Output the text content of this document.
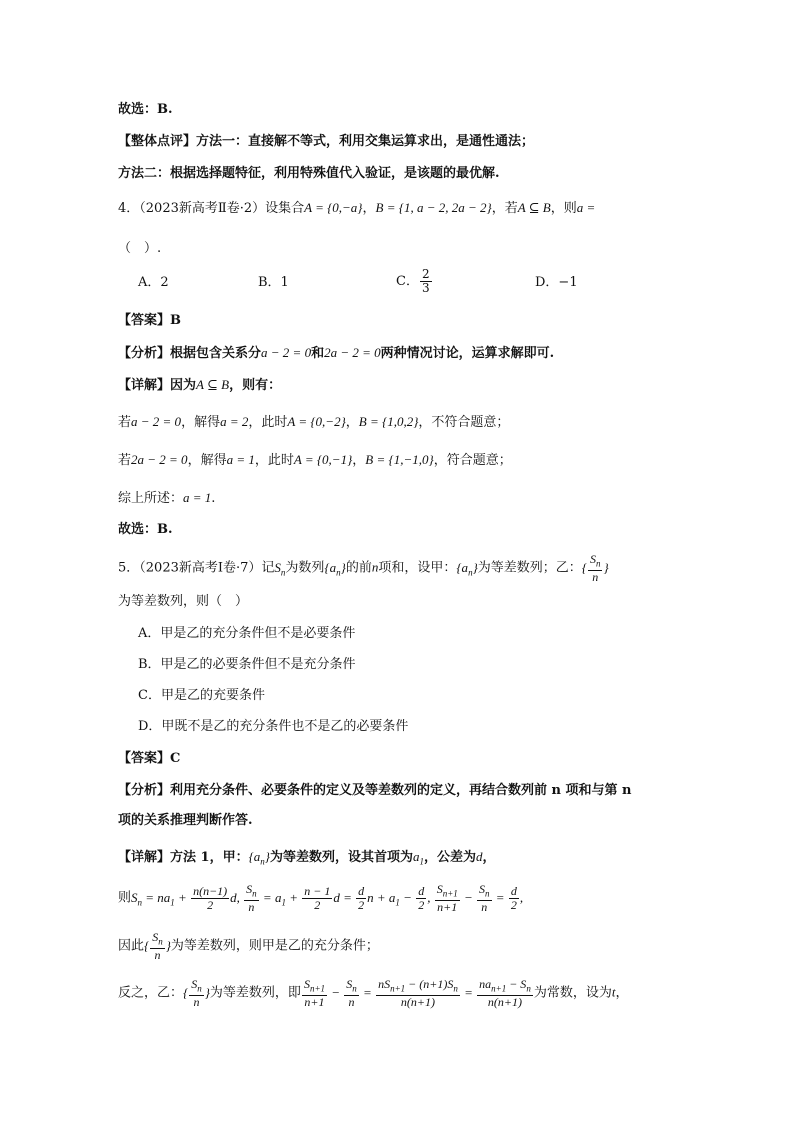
故选：B.
【整体点评】方法一：直接解不等式，利用交集运算求出，是通性通法；
方法二：根据选择题特征，利用特殊值代入验证，是该题的最优解.
4．（2023新高考Ⅱ卷·2）设集合A = {0,−a}，B = {1, a − 2, 2a − 2}，若A ⊆ B，则a =
（　）.
A．2	B．1	C． $\frac{2}{3}$	D．−1
【答案】B
【分析】根据包含关系分a − 2 = 0和2a − 2 = 0两种情况讨论，运算求解即可.
【详解】因为A ⊆ B，则有：
若a − 2 = 0，解得a = 2，此时A = {0,−2}，B = {1,0,2}，不符合题意；
若2a − 2 = 0，解得a = 1，此时A = {0,−1}，B = {1,−1,0}，符合题意；
综上所述：a = 1.
故选：B.
5．（2023新高考Ⅰ卷·7）记$S_n$为数列$\{a_n\}$的前n项和，设甲：$\{a_n\}$为等差数列；乙：{ $\frac{S_n}{n}$ }
为等差数列，则（　）
A．甲是乙的充分条件但不是必要条件
B．甲是乙的必要条件但不是充分条件
C．甲是乙的充要条件
D．甲既不是乙的充分条件也不是乙的必要条件
【答案】C
【分析】利用充分条件、必要条件的定义及等差数列的定义，再结合数列前 n 项和与第 n
项的关系推理判断作答.
【详解】方法 1，甲：$\{a_n\}$为等差数列，设其首项为$a_1$，公差为d，
则$S_n = na_1 + \frac{n(n-1)}{2} d$, $\frac{S_n}{n} = a_1 + \frac{n - 1}{2}$ $d = \frac{d}{2}$ $n + a_1 - \frac{d}{2}$ , $\frac{S_{n+1}}{n+1} - \frac{S_n}{n} = \frac{d}{2}$ ,
因此{ $\frac{S_n}{n}$ }为等差数列，则甲是乙的充分条件；
反之，乙：{ $\frac{S_n}{n}$ }为等差数列，即 $\frac{S_{n+1}}{n+1} - \frac{S_n}{n} = \frac{nS_{n+1} - (n+1)S_n}{n(n+1)} = \frac{na_{n+1} - S_n}{n(n+1)}$ 为常数，设为t，
